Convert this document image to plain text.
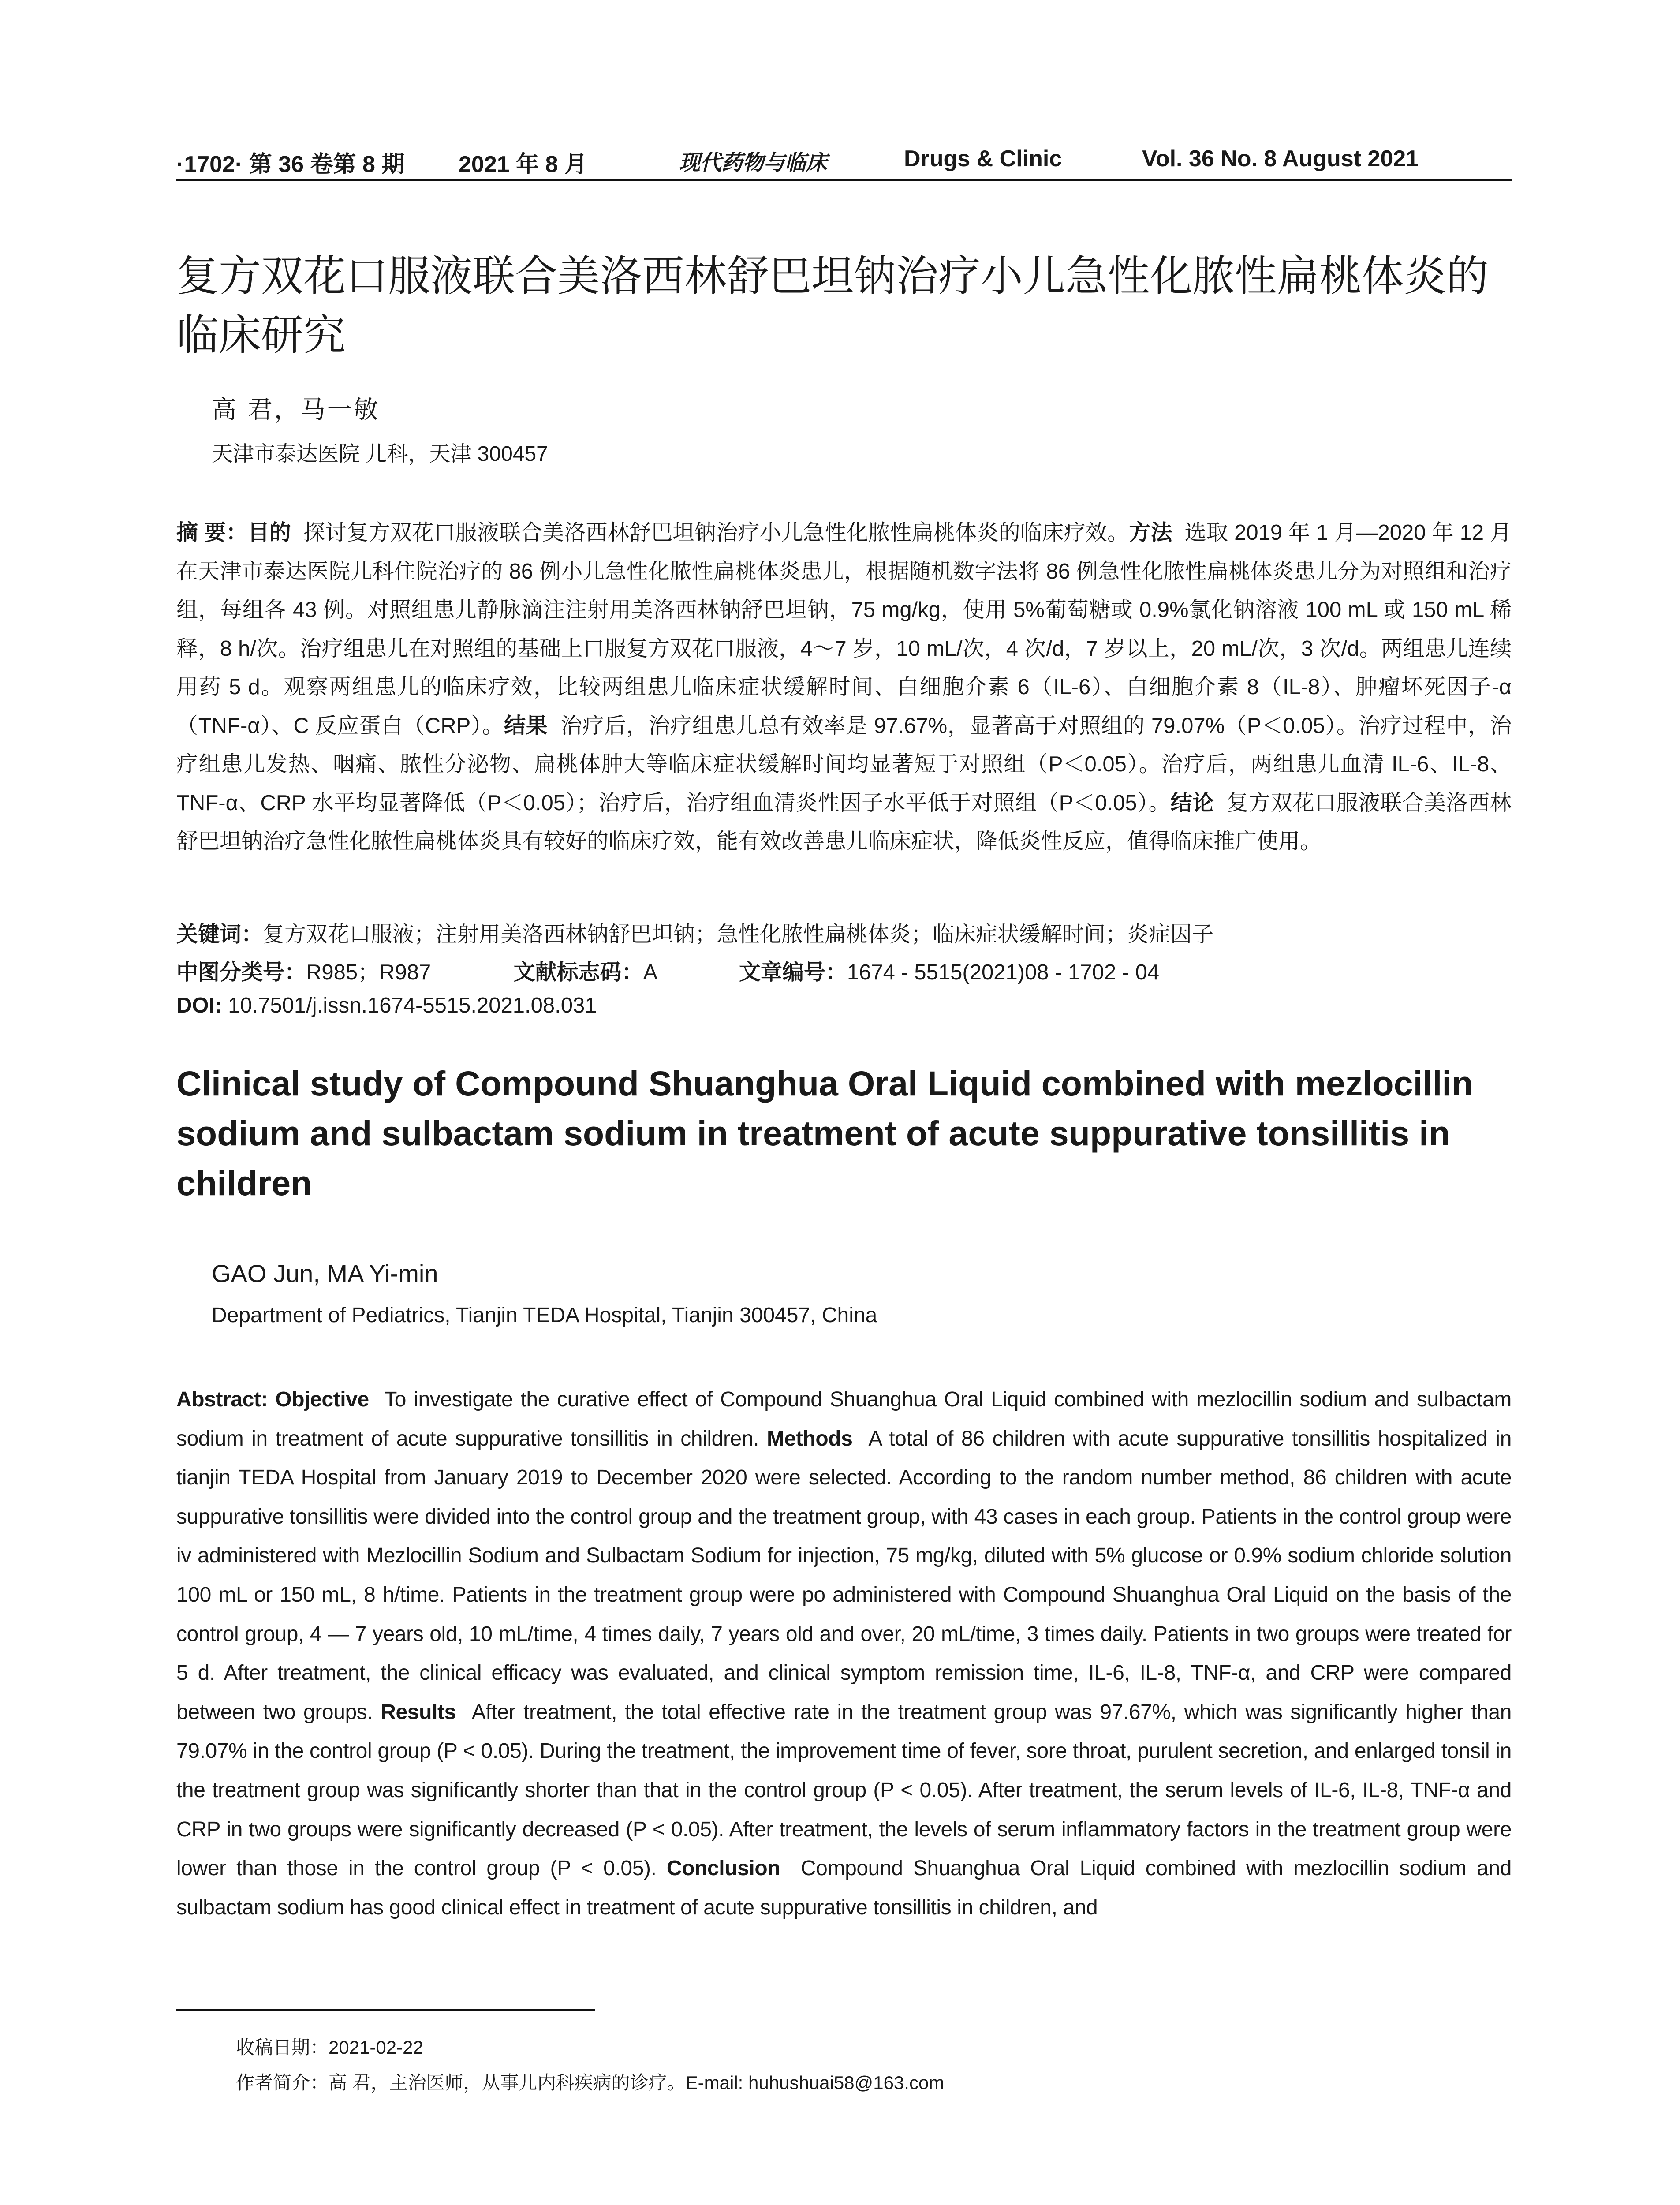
·1702· 第 36 卷第 8 期 2021 年 8 月	现代药物与临床	Drugs & Clinic	Vol. 36 No. 8 August 2021
复方双花口服液联合美洛西林舒巴坦钠治疗小儿急性化脓性扁桃体炎的临床研究
高 君，马一敏
天津市泰达医院 儿科，天津 300457
摘 要：目的 探讨复方双花口服液联合美洛西林舒巴坦钠治疗小儿急性化脓性扁桃体炎的临床疗效。方法 选取 2019 年 1 月—2020 年 12 月在天津市泰达医院儿科住院治疗的 86 例小儿急性化脓性扁桃体炎患儿，根据随机数字法将 86 例急性化脓性扁桃体炎患儿分为对照组和治疗组，每组各 43 例。对照组患儿静脉滴注注射用美洛西林钠舒巴坦钠，75 mg/kg，使用 5%葡萄糖或 0.9%氯化钠溶液 100 mL 或 150 mL 稀释，8 h/次。治疗组患儿在对照组的基础上口服复方双花口服液，4～7 岁，10 mL/次，4 次/d，7 岁以上，20 mL/次，3 次/d。两组患儿连续用药 5 d。观察两组患儿的临床疗效，比较两组患儿临床症状缓解时间、白细胞介素 6（IL-6）、白细胞介素 8（IL-8）、肿瘤坏死因子-α（TNF-α）、C 反应蛋白（CRP）。结果 治疗后，治疗组患儿总有效率是 97.67%，显著高于对照组的 79.07%（P＜0.05）。治疗过程中，治疗组患儿发热、咽痛、脓性分泌物、扁桃体肿大等临床症状缓解时间均显著短于对照组（P＜0.05）。治疗后，两组患儿血清 IL-6、IL-8、TNF-α、CRP 水平均显著降低（P＜0.05）；治疗后，治疗组血清炎性因子水平低于对照组（P＜0.05）。结论 复方双花口服液联合美洛西林舒巴坦钠治疗急性化脓性扁桃体炎具有较好的临床疗效，能有效改善患儿临床症状，降低炎性反应，值得临床推广使用。
关键词：复方双花口服液；注射用美洛西林钠舒巴坦钠；急性化脓性扁桃体炎；临床症状缓解时间；炎症因子
中图分类号：R985；R987	文献标志码：A	文章编号：1674 - 5515(2021)08 - 1702 - 04
DOI: 10.7501/j.issn.1674-5515.2021.08.031
Clinical study of Compound Shuanghua Oral Liquid combined with mezlocillin sodium and sulbactam sodium in treatment of acute suppurative tonsillitis in children
GAO Jun, MA Yi-min
Department of Pediatrics, Tianjin TEDA Hospital, Tianjin 300457, China
Abstract: Objective To investigate the curative effect of Compound Shuanghua Oral Liquid combined with mezlocillin sodium and sulbactam sodium in treatment of acute suppurative tonsillitis in children. Methods A total of 86 children with acute suppurative tonsillitis hospitalized in tianjin TEDA Hospital from January 2019 to December 2020 were selected. According to the random number method, 86 children with acute suppurative tonsillitis were divided into the control group and the treatment group, with 43 cases in each group. Patients in the control group were iv administered with Mezlocillin Sodium and Sulbactam Sodium for injection, 75 mg/kg, diluted with 5% glucose or 0.9% sodium chloride solution 100 mL or 150 mL, 8 h/time. Patients in the treatment group were po administered with Compound Shuanghua Oral Liquid on the basis of the control group, 4 — 7 years old, 10 mL/time, 4 times daily, 7 years old and over, 20 mL/time, 3 times daily. Patients in two groups were treated for 5 d. After treatment, the clinical efficacy was evaluated, and clinical symptom remission time, IL-6, IL-8, TNF-α, and CRP were compared between two groups. Results After treatment, the total effective rate in the treatment group was 97.67%, which was significantly higher than 79.07% in the control group (P < 0.05). During the treatment, the improvement time of fever, sore throat, purulent secretion, and enlarged tonsil in the treatment group was significantly shorter than that in the control group (P < 0.05). After treatment, the serum levels of IL-6, IL-8, TNF-α and CRP in two groups were significantly decreased (P < 0.05). After treatment, the levels of serum inflammatory factors in the treatment group were lower than those in the control group (P < 0.05). Conclusion Compound Shuanghua Oral Liquid combined with mezlocillin sodium and sulbactam sodium has good clinical effect in treatment of acute suppurative tonsillitis in children, and
收稿日期：2021-02-22
作者简介：高 君，主治医师，从事儿内科疾病的诊疗。E-mail: huhushuai58@163.com
